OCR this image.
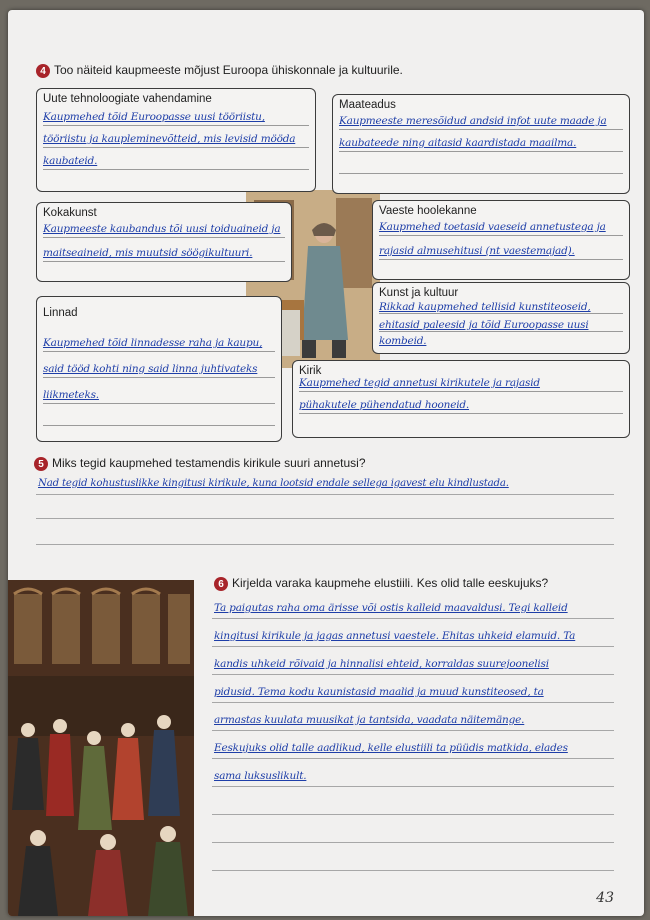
4 Too näiteid kaupmeeste mõjust Euroopa ühiskonnale ja kultuurile.
Uute tehnoloogiate vahendamine
Kaupmehed tõid Euroopasse uusi tööriistu,
tööriistu ja kaupleminevõtteid, mis levisid mööda
kaubateid.
Maateadus
Kaupmeeste meresõidud andsid infot uute maade ja
kaubateede ning aitasid kaardistada maailma.
Kokakunst
Kaupmeeste kaubandus tõi uusi toiduaineid ja
maitseaineid, mis muutsid söögikultuuri.
Vaeste hoolekanne
Kaupmehed toetasid vaeseid annetustega ja
rajasid almusehitusi (nt vaestemajad).
Linnad
Kaupmehed tõid linnadesse raha ja kaupu,
said tööd kohti ning said linna juhtivateks
liikmeteks.
Kunst ja kultuur
Rikkad kaupmehed tellisid kunstiteoseid,
ehitasid paleesid ja tõid Euroopasse uusi
kombeid.
Kirik
Kaupmehed tegid annetusi kirikutele ja rajasid
pühakutele pühendatud hooneid.
5 Miks tegid kaupmehed testamendis kirikule suuri annetusi?
Nad tegid kohustuslikke kingitusi kirikule, kuna lootsid endale sellega igavest elu kindlustada.
6 Kirjelda varaka kaupmehe elustiili. Kes olid talle eeskujuks?
Ta paigutas raha oma ärisse või ostis kalleid maavaldusi. Tegi kalleid
kingitusi kirikule ja jagas annetusi vaestele. Ehitas uhkeid elamuid. Ta
kandis uhkeid rõivaid ja hinnalisi ehteid, korraldas suurejoonelisi
pidusid. Tema kodu kaunistasid maalid ja muud kunstiteosed, ta
armastas kuulata muusikat ja tantsida, vaadata näitemänge.
Eeskujuks olid talle aadlikud, kelle elustiili ta püüdis matkida, elades
sama luksuslikult.
43
